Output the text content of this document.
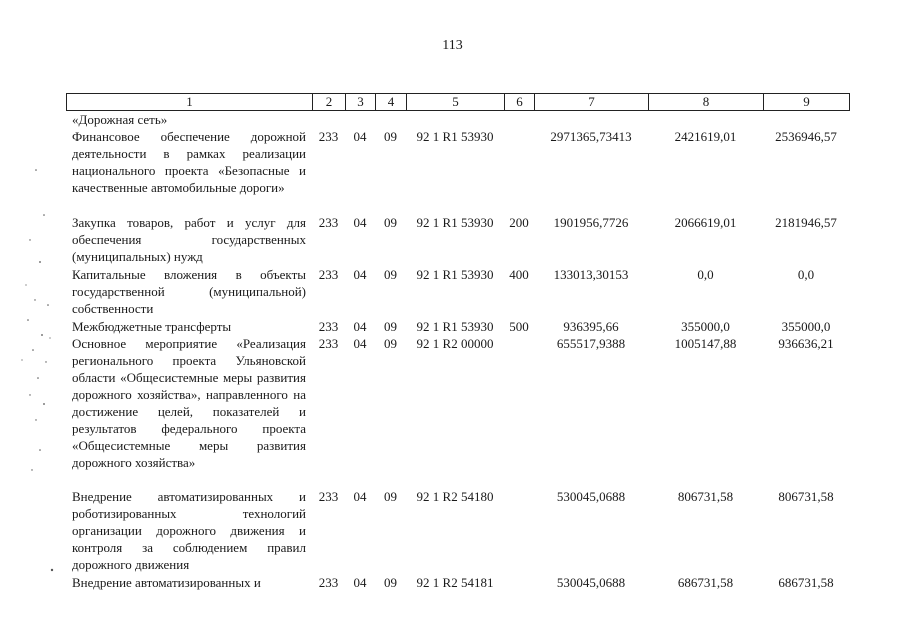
113
1	2	3	4	5	6	7	8	9
«Дорожная сеть»								
Финансовое обеспечение дорожной деятельности в рамках реализации национального проекта «Безопасные и качественные автомобильные дороги»	233	04	09	92 1 R1 53930		2971365,73413	2421619,01	2536946,57
Закупка товаров, работ и услуг для обеспечения государственных (муниципальных) нужд	233	04	09	92 1 R1 53930	200	1901956,7726	2066619,01	2181946,57
Капитальные вложения в объекты государственной (муниципальной) собственности	233	04	09	92 1 R1 53930	400	133013,30153	0,0	0,0
Межбюджетные трансферты	233	04	09	92 1 R1 53930	500	936395,66	355000,0	355000,0
Основное мероприятие «Реализация регионального проекта Ульяновской области «Общесистемные меры развития дорожного хозяйства», направленного на достижение целей, показателей и результатов федерального проекта «Общесистемные меры развития дорожного хозяйства»	233	04	09	92 1 R2 00000		655517,9388	1005147,88	936636,21
Внедрение автоматизированных и роботизированных технологий организации дорожного движения и контроля за соблюдением правил дорожного движения	233	04	09	92 1 R2 54180		530045,0688	806731,58	806731,58
Внедрение автоматизированных и	233	04	09	92 1 R2 54181		530045,0688	686731,58	686731,58
